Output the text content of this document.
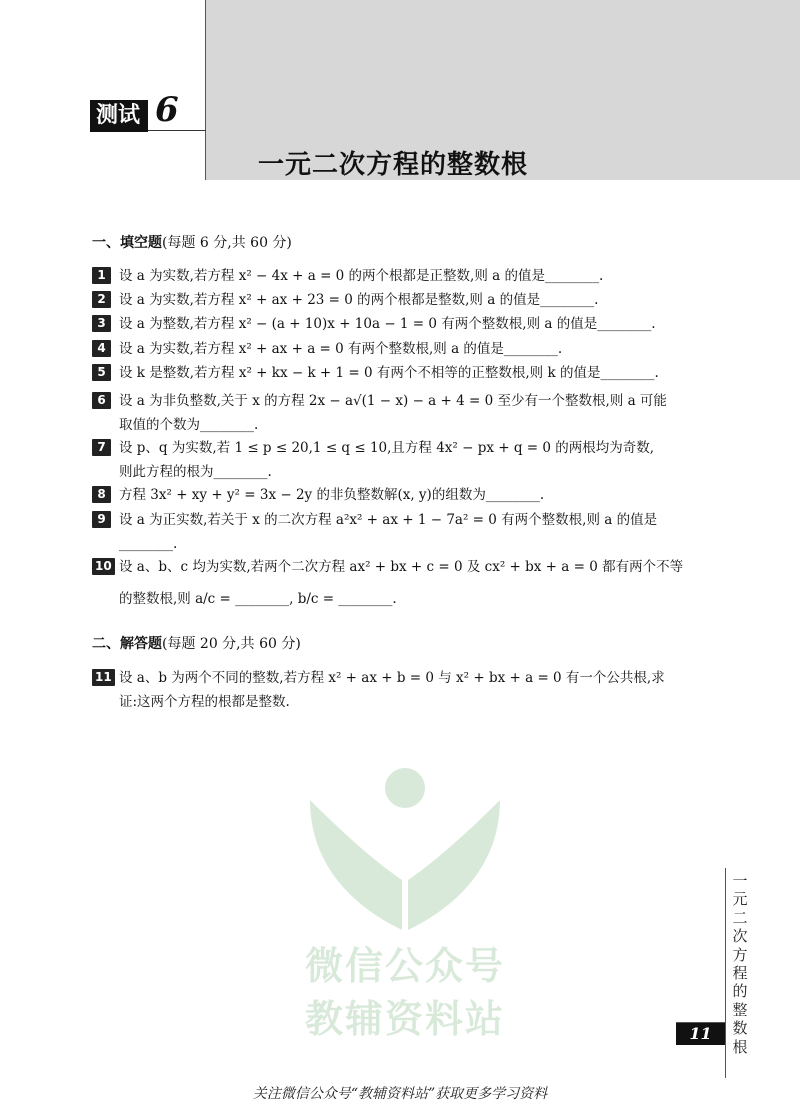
测试 6
一元二次方程的整数根
一、填空题(每题 6 分,共 60 分)
1 设 a 为实数,若方程 x² − 4x + a = 0 的两个根都是正整数,则 a 的值是________.
2 设 a 为实数,若方程 x² + ax + 23 = 0 的两个根都是整数,则 a 的值是________.
3 设 a 为整数,若方程 x² − (a + 10)x + 10a − 1 = 0 有两个整数根,则 a 的值是________.
4 设 a 为实数,若方程 x² + ax + a = 0 有两个整数根,则 a 的值是________.
5 设 k 是整数,若方程 x² + kx − k + 1 = 0 有两个不相等的正整数根,则 k 的值是________.
6 设 a 为非负整数,关于 x 的方程 2x − a√(1 − x) − a + 4 = 0 至少有一个整数根,则 a 可能
取值的个数为________.
7 设 p、q 为实数,若 1 ≤ p ≤ 20,1 ≤ q ≤ 10,且方程 4x² − px + q = 0 的两根均为奇数,
则此方程的根为________.
8 方程 3x² + xy + y² = 3x − 2y 的非负整数解(x, y)的组数为________.
9 设 a 为正实数,若关于 x 的二次方程 a²x² + ax + 1 − 7a² = 0 有两个整数根,则 a 的值是
________.
10 设 a、b、c 均为实数,若两个二次方程 ax² + bx + c = 0 及 cx² + bx + a = 0 都有两个不等
的整数根,则 a/c = ________, b/c = ________.
二、解答题(每题 20 分,共 60 分)
11 设 a、b 为两个不同的整数,若方程 x² + ax + b = 0 与 x² + bx + a = 0 有一个公共根,求
证:这两个方程的根都是整数.
微信公众号
教辅资料站
一元二次方程的整数根
11
关注微信公众号“教辅资料站”获取更多学习资料
